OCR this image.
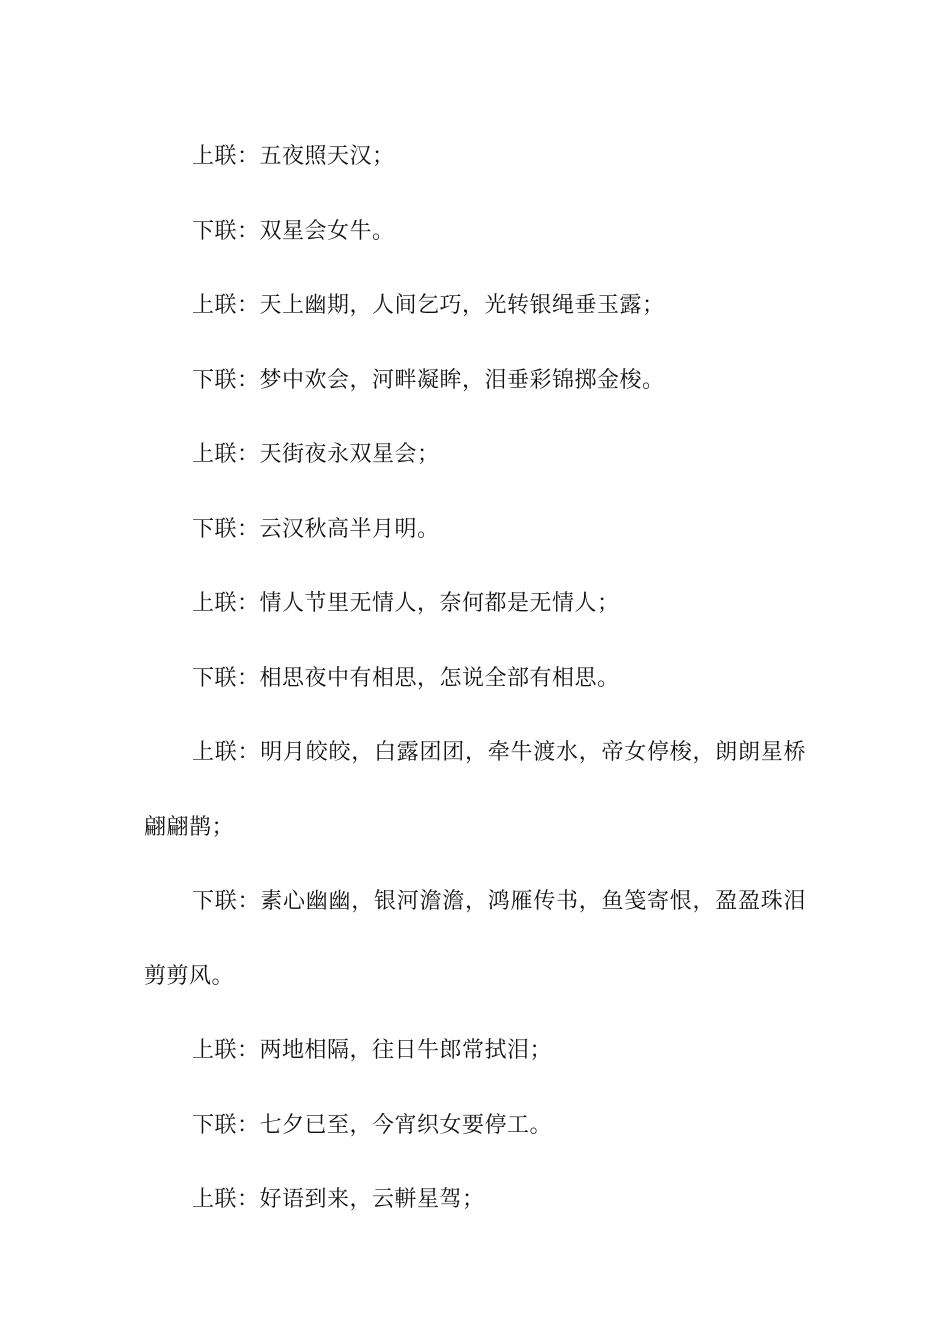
上联：五夜照天汉；

下联：双星会女牛。

上联：天上幽期，人间乞巧，光转银绳垂玉露；

下联：梦中欢会，河畔凝眸，泪垂彩锦掷金梭。

上联：天街夜永双星会；

下联：云汉秋高半月明。

上联：情人节里无情人，奈何都是无情人；

下联：相思夜中有相思，怎说全部有相思。

上联：明月皎皎，白露团团，牵牛渡水，帝女停梭，朗朗星桥翩翩鹊；

下联：素心幽幽，银河澹澹，鸿雁传书，鱼笺寄恨，盈盈珠泪剪剪风。

上联：两地相隔，往日牛郎常拭泪；

下联：七夕已至，今宵织女要停工。

上联：好语到来，云軿星驾；
